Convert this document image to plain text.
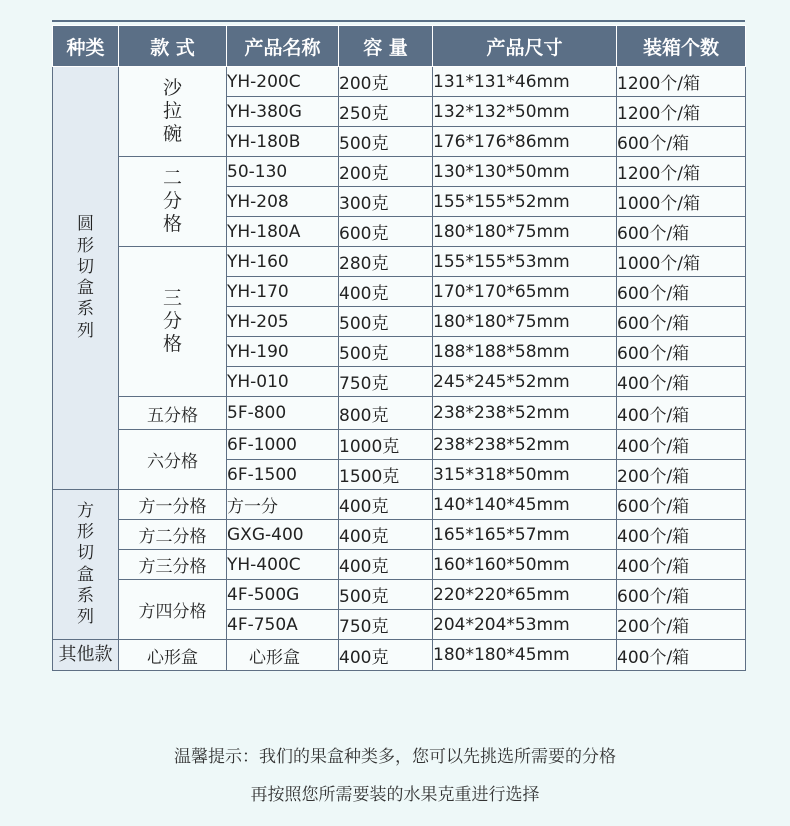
种类	款 式	产品名称	容 量	产品尺寸	装箱个数
圆形切盒系列	沙拉碗	YH-200C	200克	131*131*46mm	1200个/箱
		YH-380G	250克	132*132*50mm	1200个/箱
		YH-180B	500克	176*176*86mm	600个/箱
	二分格	50-130	200克	130*130*50mm	1200个/箱
		YH-208	300克	155*155*52mm	1000个/箱
		YH-180A	600克	180*180*75mm	600个/箱
	三分格	YH-160	280克	155*155*53mm	1000个/箱
		YH-170	400克	170*170*65mm	600个/箱
		YH-205	500克	180*180*75mm	600个/箱
		YH-190	500克	188*188*58mm	600个/箱
		YH-010	750克	245*245*52mm	400个/箱
	五分格	5F-800	800克	238*238*52mm	400个/箱
	六分格	6F-1000	1000克	238*238*52mm	400个/箱
		6F-1500	1500克	315*318*50mm	200个/箱
方形切盒系列	方一分格	方一分	400克	140*140*45mm	600个/箱
	方二分格	GXG-400	400克	165*165*57mm	400个/箱
	方三分格	YH-400C	400克	160*160*50mm	400个/箱
	方四分格	4F-500G	500克	220*220*65mm	600个/箱
		4F-750A	750克	204*204*53mm	200个/箱
其他款	心形盒	心形盒	400克	180*180*45mm	400个/箱
温馨提示：我们的果盒种类多，您可以先挑选所需要的分格
再按照您所需要装的水果克重进行选择
